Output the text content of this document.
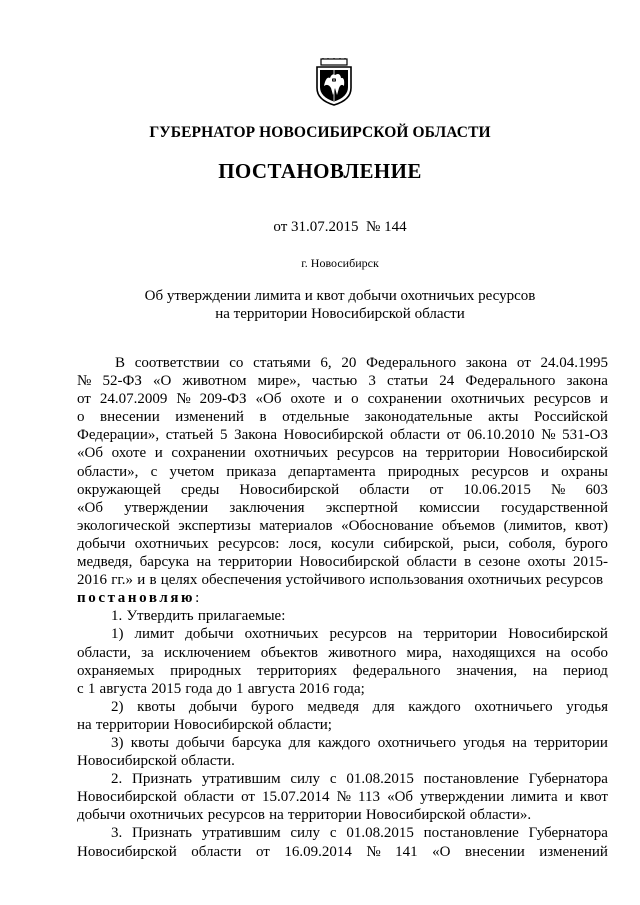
ГУБЕРНАТОР НОВОСИБИРСКОЙ ОБЛАСТИ
ПОСТАНОВЛЕНИЕ
от 31.07.2015 № 144
г. Новосибирск
Об утверждении лимита и квот добычи охотничьих ресурсов
на территории Новосибирской области
В соответствии со статьями 6, 20 Федерального закона от 24.04.1995
№ 52-ФЗ «О животном мире», частью 3 статьи 24 Федерального закона
от 24.07.2009 № 209-ФЗ «Об охоте и о сохранении охотничьих ресурсов и
о внесении изменений в отдельные законодательные акты Российской
Федерации», статьей 5 Закона Новосибирской области от 06.10.2010 № 531-ОЗ
«Об охоте и сохранении охотничьих ресурсов на территории Новосибирской
области», с учетом приказа департамента природных ресурсов и охраны
окружающей среды Новосибирской области от 10.06.2015 № 603
«Об утверждении заключения экспертной комиссии государственной
экологической экспертизы материалов «Обоснование объемов (лимитов, квот)
добычи охотничьих ресурсов: лося, косули сибирской, рыси, соболя, бурого
медведя, барсука на территории Новосибирской области в сезоне охоты 2015-
2016 гг.» и в целях обеспечения устойчивого использования охотничьих ресурсов
постановляю :
1. Утвердить прилагаемые:
1) лимит добычи охотничьих ресурсов на территории Новосибирской
области, за исключением объектов животного мира, находящихся на особо
охраняемых природных территориях федерального значения, на период
с 1 августа 2015 года до 1 августа 2016 года;
2) квоты добычи бурого медведя для каждого охотничьего угодья
на территории Новосибирской области;
3) квоты добычи барсука для каждого охотничьего угодья на территории
Новосибирской области.
2. Признать утратившим силу с 01.08.2015 постановление Губернатора
Новосибирской области от 15.07.2014 № 113 «Об утверждении лимита и квот
добычи охотничьих ресурсов на территории Новосибирской области».
3. Признать утратившим силу с 01.08.2015 постановление Губернатора
Новосибирской области от 16.09.2014 № 141 «О внесении изменений
